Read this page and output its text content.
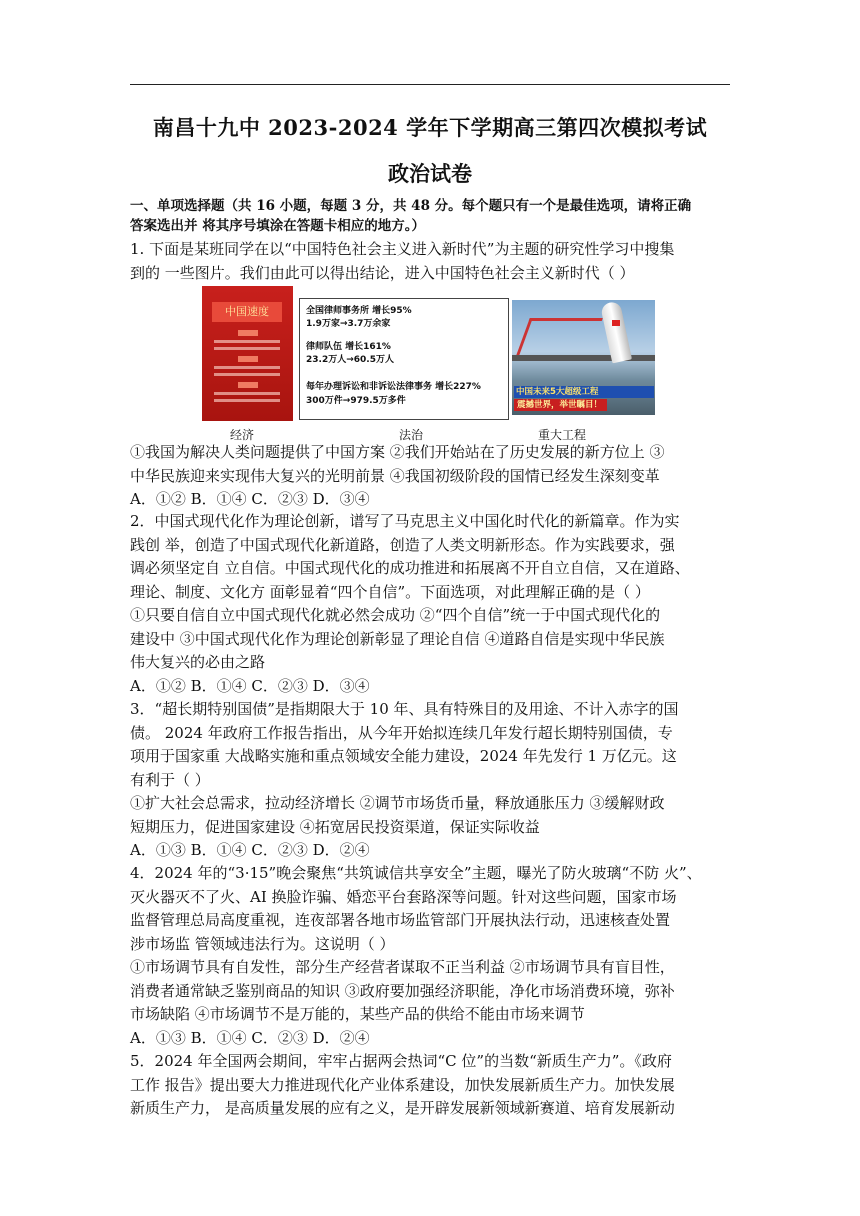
南昌十九中 2023-2024 学年下学期高三第四次模拟考试
政治试卷
一、单项选择题（共 16 小题，每题 3 分，共 48 分。每个题只有一个是最佳选项，请将正确
答案选出并 将其序号填涂在答题卡相应的地方。）
1. 下面是某班同学在以“中国特色社会主义进入新时代”为主题的研究性学习中搜集
到的 一些图片。我们由此可以得出结论，进入中国特色社会主义新时代（ ）
中国速度	全国律师事务所 增长95%
1.9万家→3.7万余家
律师队伍 增长161%
23.2万人→60.5万人
每年办理诉讼和非诉讼法律事务 增长227%
300万件→979.5万多件
中国未来5大超级工程
震撼世界，举世瞩目！
经济	法治	重大工程
①我国为解决人类问题提供了中国方案 ②我们开始站在了历史发展的新方位上 ③
中华民族迎来实现伟大复兴的光明前景 ④我国初级阶段的国情已经发生深刻变革
A．①② B．①④ C．②③ D．③④
2．中国式现代化作为理论创新，谱写了马克思主义中国化时代化的新篇章。作为实
践创 举，创造了中国式现代化新道路，创造了人类文明新形态。作为实践要求，强
调必须坚定自 立自信。中国式现代化的成功推进和拓展离不开自立自信，又在道路、
理论、制度、文化方 面彰显着“四个自信”。下面选项，对此理解正确的是（ ）
①只要自信自立中国式现代化就必然会成功 ②“四个自信”统一于中国式现代化的
建设中 ③中国式现代化作为理论创新彰显了理论自信 ④道路自信是实现中华民族
伟大复兴的必由之路
A．①② B．①④ C．②③ D．③④
3．“超长期特别国债”是指期限大于 10 年、具有特殊目的及用途、不计入赤字的国
债。 2024 年政府工作报告指出，从今年开始拟连续几年发行超长期特别国债，专
项用于国家重 大战略实施和重点领域安全能力建设，2024 年先发行 1 万亿元。这
有利于（ ）
①扩大社会总需求，拉动经济增长 ②调节市场货币量，释放通胀压力 ③缓解财政
短期压力，促进国家建设 ④拓宽居民投资渠道，保证实际收益
A．①③ B．①④ C．②③ D．②④
4．2024 年的“3·15”晚会聚焦“共筑诚信共享安全”主题，曝光了防火玻璃“不防 火”、
灭火器灭不了火、AI 换脸诈骗、婚恋平台套路深等问题。针对这些问题，国家市场
监督管理总局高度重视，连夜部署各地市场监管部门开展执法行动，迅速核查处置
涉市场监 管领域违法行为。这说明（ ）
①市场调节具有自发性，部分生产经营者谋取不正当利益 ②市场调节具有盲目性，
消费者通常缺乏鉴别商品的知识 ③政府要加强经济职能，净化市场消费环境，弥补
市场缺陷 ④市场调节不是万能的，某些产品的供给不能由市场来调节
A．①③ B．①④ C．②③ D．②④
5．2024 年全国两会期间，牢牢占据两会热词“C 位”的当数“新质生产力”。《政府
工作 报告》提出要大力推进现代化产业体系建设，加快发展新质生产力。加快发展
新质生产力， 是高质量发展的应有之义，是开辟发展新领域新赛道、培育发展新动
